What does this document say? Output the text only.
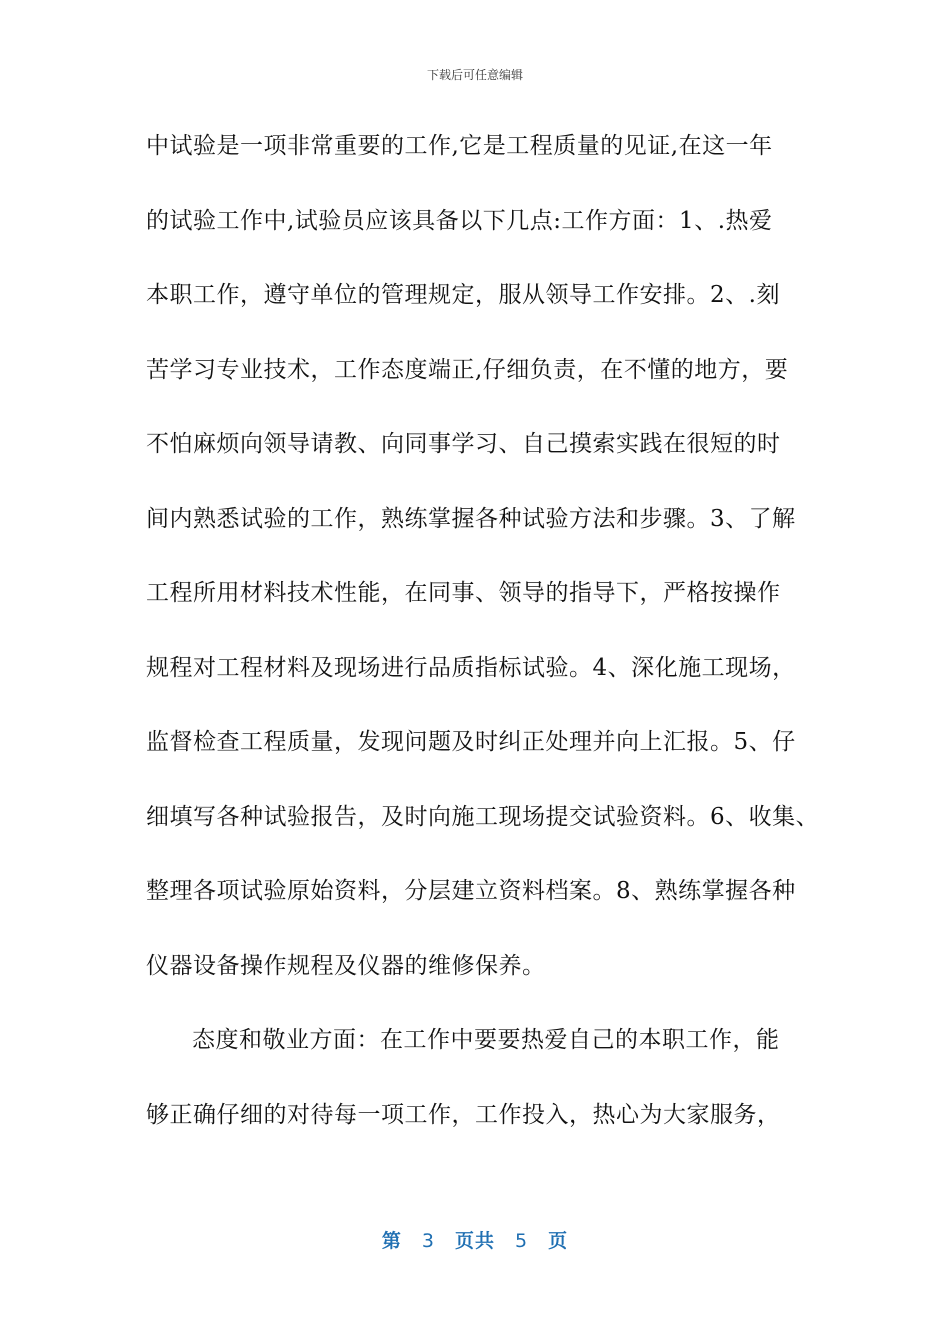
下载后可任意编辑
中试验是一项非常重要的工作,它是工程质量的见证,在这一年
的试验工作中,试验员应该具备以下几点:工作方面：1、.热爱
本职工作，遵守单位的管理规定，服从领导工作安排。2、.刻
苦学习专业技术，工作态度端正,仔细负责，在不懂的地方，要
不怕麻烦向领导请教、向同事学习、自己摸索实践在很短的时
间内熟悉试验的工作，熟练掌握各种试验方法和步骤。3、了解
工程所用材料技术性能，在同事、领导的指导下，严格按操作
规程对工程材料及现场进行品质指标试验。4、深化施工现场，
监督检查工程质量，发现问题及时纠正处理并向上汇报。5、仔
细填写各种试验报告，及时向施工现场提交试验资料。6、收集、
整理各项试验原始资料，分层建立资料档案。8、熟练掌握各种
仪器设备操作规程及仪器的维修保养。
态度和敬业方面：在工作中要要热爱自己的本职工作，能
够正确仔细的对待每一项工作，工作投入，热心为大家服务，
第 3 页共 5 页
